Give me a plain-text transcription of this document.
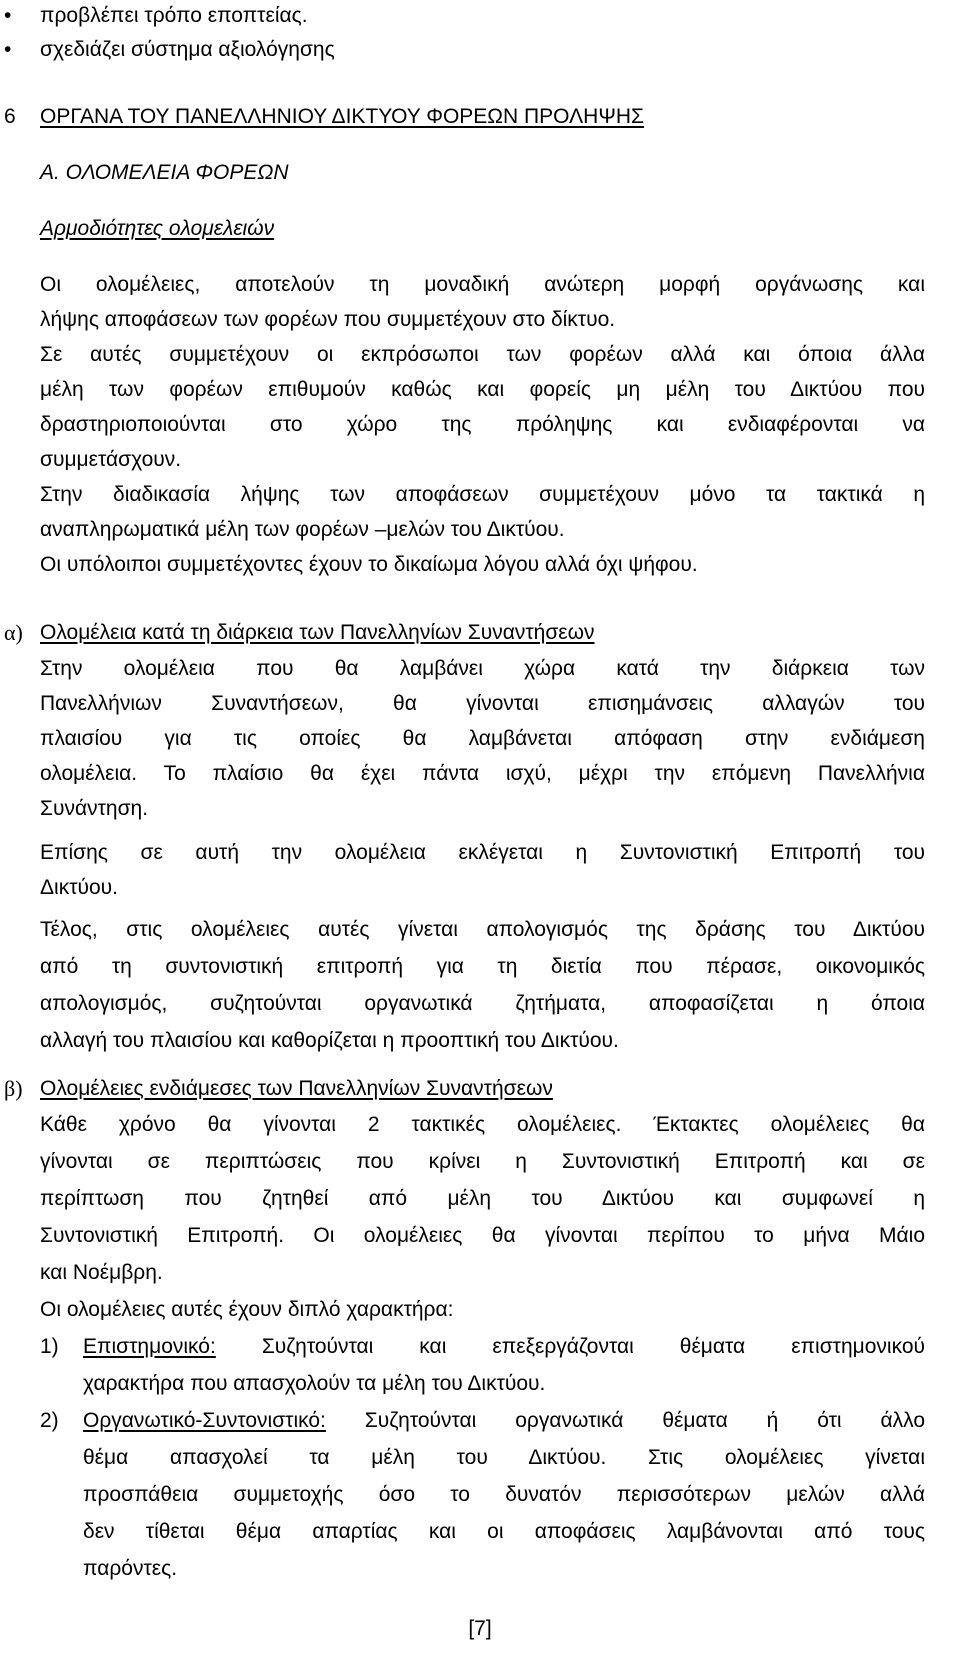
• προβλέπει τρόπο εποπτείας.

• σχεδιάζει σύστημα αξιολόγησης

6 ΟΡΓΑΝΑ ΤΟΥ ΠΑΝΕΛΛΗΝΙΟΥ ΔΙΚΤΥΟΥ ΦΟΡΕΩΝ ΠΡΟΛΗΨΗΣ

Α. ΟΛΟΜΕΛΕΙΑ ΦΟΡΕΩΝ

Αρμοδιότητες ολομελειών

Οι ολομέλειες, αποτελούν τη μοναδική ανώτερη μορφή οργάνωσης και

λήψης αποφάσεων των φορέων που συμμετέχουν στο δίκτυο.

Σε αυτές συμμετέχουν οι εκπρόσωποι των φορέων αλλά και όποια άλλα

μέλη των φορέων επιθυμούν καθώς και φορείς μη μέλη του Δικτύου που

δραστηριοποιούνται στο χώρο της πρόληψης και ενδιαφέρονται να

συμμετάσχουν.

Στην διαδικασία λήψης των αποφάσεων συμμετέχουν μόνο τα τακτικά η

αναπληρωματικά μέλη των φορέων –μελών του Δικτύου.

Οι υπόλοιποι συμμετέχοντες έχουν το δικαίωμα λόγου αλλά όχι ψήφου.

α) Ολομέλεια κατά τη διάρκεια των Πανελληνίων Συναντήσεων

Στην ολομέλεια που θα λαμβάνει χώρα κατά την διάρκεια των

Πανελλήνιων Συναντήσεων, θα γίνονται επισημάνσεις αλλαγών του

πλαισίου για τις οποίες θα λαμβάνεται απόφαση στην ενδιάμεση

ολομέλεια. Το πλαίσιο θα έχει πάντα ισχύ, μέχρι την επόμενη Πανελλήνια

Συνάντηση.

Επίσης σε αυτή την ολομέλεια εκλέγεται η Συντονιστική Επιτροπή του

Δικτύου.

Τέλος, στις ολομέλειες αυτές γίνεται απολογισμός της δράσης του Δικτύου

από τη συντονιστική επιτροπή για τη διετία που πέρασε, οικονομικός

απολογισμός, συζητούνται οργανωτικά ζητήματα, αποφασίζεται η όποια

αλλαγή του πλαισίου και καθορίζεται η προοπτική του Δικτύου.

β) Ολομέλειες ενδιάμεσες των Πανελληνίων Συναντήσεων

Κάθε χρόνο θα γίνονται 2 τακτικές ολομέλειες. Έκτακτες ολομέλειες θα

γίνονται σε περιπτώσεις που κρίνει η Συντονιστική Επιτροπή και σε

περίπτωση που ζητηθεί από μέλη του Δικτύου και συμφωνεί η

Συντονιστική Επιτροπή. Οι ολομέλειες θα γίνονται περίπου το μήνα Μάιο

και Νοέμβρη.

Οι ολομέλειες αυτές έχουν διπλό χαρακτήρα:

1) Επιστημονικό: Συζητούνται και επεξεργάζονται θέματα επιστημονικού

χαρακτήρα που απασχολούν τα μέλη του Δικτύου.

2) Οργανωτικό-Συντονιστικό: Συζητούνται οργανωτικά θέματα ή ότι άλλο

θέμα απασχολεί τα μέλη του Δικτύου. Στις ολομέλειες γίνεται

προσπάθεια συμμετοχής όσο το δυνατόν περισσότερων μελών αλλά

δεν τίθεται θέμα απαρτίας και οι αποφάσεις λαμβάνονται από τους

παρόντες.

[7]
